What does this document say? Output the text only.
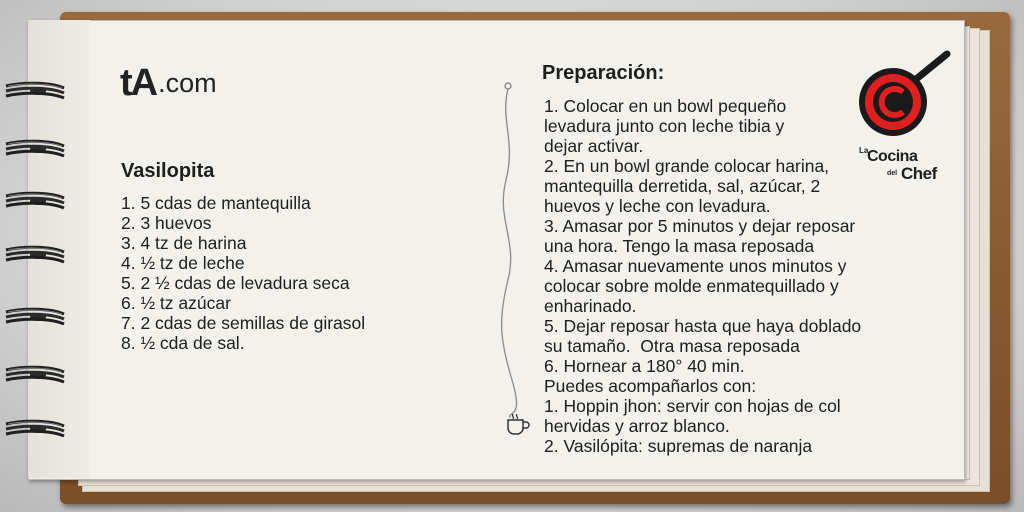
tA .com
Vasilopita
1. 5 cdas de mantequilla
2. 3 huevos
3. 4 tz de harina
4. ½ tz de leche
5. 2 ½ cdas de levadura seca
6. ½ tz azúcar
7. 2 cdas de semillas de girasol
8. ½ cda de sal.
Preparación:
1. Colocar en un bowl pequeño
levadura junto con leche tibia y
dejar activar.
2. En un bowl grande colocar harina,
mantequilla derretida, sal, azúcar, 2
huevos y leche con levadura.
3. Amasar por 5 minutos y dejar reposar
una hora. Tengo la masa reposada
4. Amasar nuevamente unos minutos y
colocar sobre molde enmatequillado y
enharinado.
5. Dejar reposar hasta que haya doblado
su tamaño.  Otra masa reposada
6. Hornear a 180° 40 min.
Puedes acompañarlos con:
1. Hoppin jhon: servir con hojas de col
hervidas y arroz blanco.
2. Vasilópita: supremas de naranja
La
Cocina
del Chef
